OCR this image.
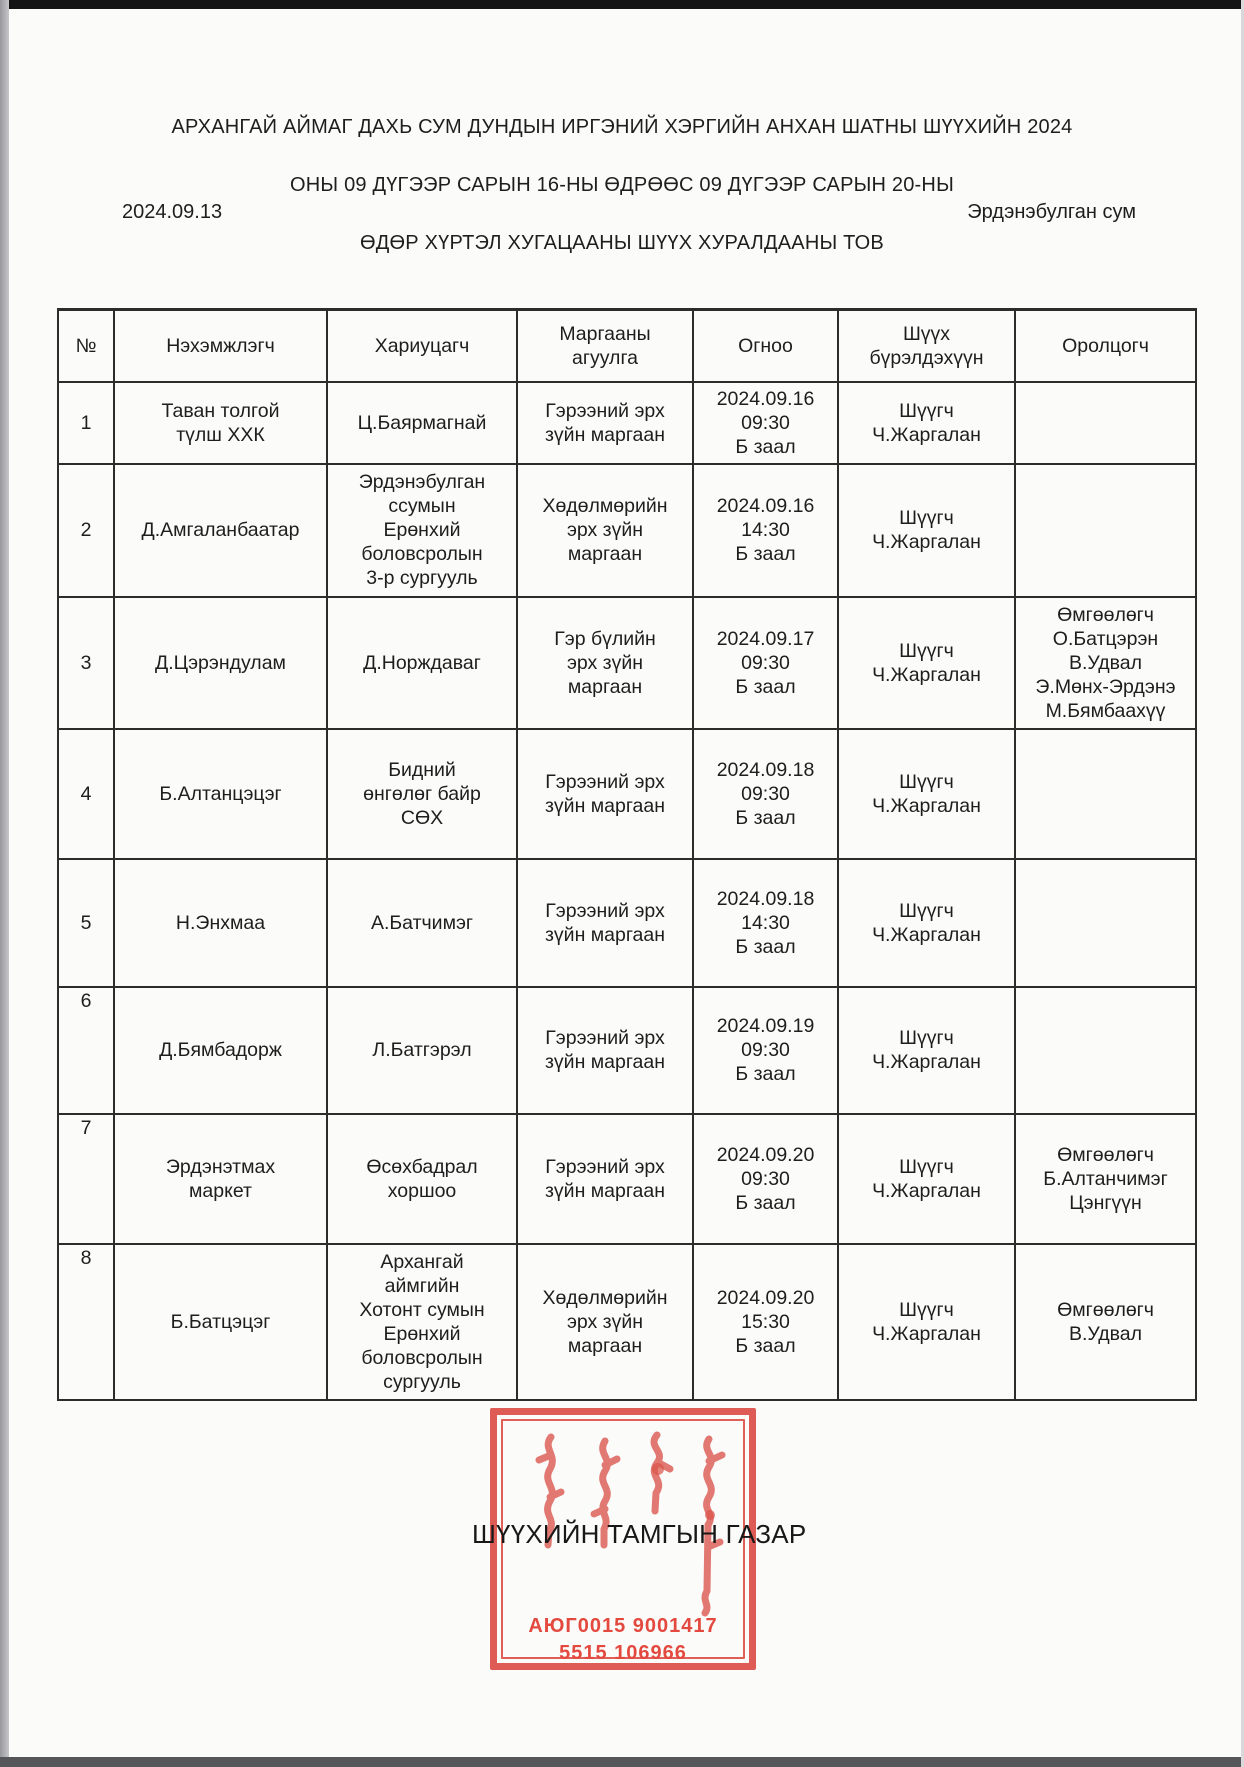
АРХАНГАЙ АЙМАГ ДАХЬ СУМ ДУНДЫН ИРГЭНИЙ ХЭРГИЙН АНХАН ШАТНЫ ШҮҮХИЙН 2024

ОНЫ 09 ДҮГЭЭР САРЫН 16-НЫ ӨДРӨӨС 09 ДҮГЭЭР САРЫН 20-НЫ

ӨДӨР ХҮРТЭЛ ХУГАЦААНЫ ШҮҮХ ХУРАЛДААНЫ ТОВ

2024.09.13	Эрдэнэбулган сум
№	Нэхэмжлэгч	Хариуцагч	Маргааны
агуулга	Огноо	Шүүх
бүрэлдэхүүн	Оролцогч
1	Таван толгой
түлш ХХК	Ц.Баярмагнай	Гэрээний эрх
зүйн маргаан	2024.09.16
09:30
Б заал	Шүүгч
Ч.Жаргалан	
2	Д.Амгаланбаатар	Эрдэнэбулган
ссумын
Ерөнхий
боловсролын
3-р сургууль	Хөдөлмөрийн
эрх зүйн
маргаан	2024.09.16
14:30
Б заал	Шүүгч
Ч.Жаргалан	
3	Д.Цэрэндулам	Д.Норждаваг	Гэр бүлийн
эрх зүйн
маргаан	2024.09.17
09:30
Б заал	Шүүгч
Ч.Жаргалан	Өмгөөлөгч
О.Батцэрэн
В.Удвал
Э.Мөнх-Эрдэнэ
М.Бямбаахүү
4	Б.Алтанцэцэг	Бидний
өнгөлөг байр
СӨХ	Гэрээний эрх
зүйн маргаан	2024.09.18
09:30
Б заал	Шүүгч
Ч.Жаргалан	
5	Н.Энхмаа	А.Батчимэг	Гэрээний эрх
зүйн маргаан	2024.09.18
14:30
Б заал	Шүүгч
Ч.Жаргалан	
6	Д.Бямбадорж	Л.Батгэрэл	Гэрээний эрх
зүйн маргаан	2024.09.19
09:30
Б заал	Шүүгч
Ч.Жаргалан	
7	Эрдэнэтмах
маркет	Өсөхбадрал
хоршоо	Гэрээний эрх
зүйн маргаан	2024.09.20
09:30
Б заал	Шүүгч
Ч.Жаргалан	Өмгөөлөгч
Б.Алтанчимэг
Цэнгүүн
8	Б.Батцэцэг	Архангай
аймгийн
Хотонт сумын
Ерөнхий
боловсролын
сургууль	Хөдөлмөрийн
эрх зүйн
маргаан	2024.09.20
15:30
Б заал	Шүүгч
Ч.Жаргалан	Өмгөөлөгч
В.Удвал
АЮГ0015 9001417
5515 106966
ШҮҮХИЙН ТАМГЫН ГАЗАР
